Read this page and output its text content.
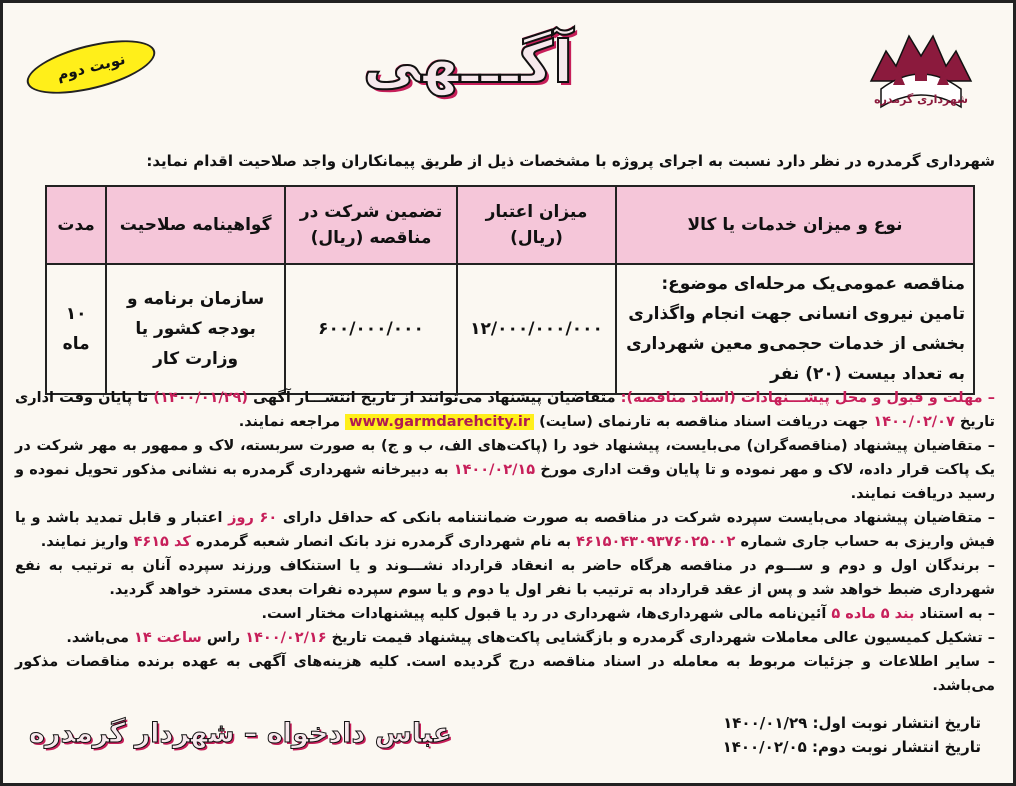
شهرداری گرمدره
آگـــهی
نوبت دوم
شهرداری گرمدره در نظر دارد نسبت به اجرای پروژه با مشخصات ذیل از طریق پیمانکاران واجد صلاحیت اقدام نماید:
نوع و میزان خدمات یا کالا	میزان اعتبار (ریال)	تضمین شرکت در مناقصه (ریال)	گواهینامه صلاحیت	مدت
مناقصه عمومی‌یک مرحله‌ای موضوع: تامین نیروی انسانی جهت انجام واگذاری بخشی از خدمات حجمی‌و معین شهرداری به تعداد بیست (۲۰) نفر	۱۲/۰۰۰/۰۰۰/۰۰۰	۶۰۰/۰۰۰/۰۰۰	سازمان برنامه و بودجه کشور یا وزارت کار	۱۰ ماه

– مهلت و قبول و محل پیشـــنهادات (اسناد مناقصه): متقاضیان پیشنهاد می‌توانند از تاریخ انتشـــار آگهی (۱۴۰۰/۰۱/۲۹) تا پایان وقت اداری تاریخ ۱۴۰۰/۰۲/۰۷ جهت دریافت اسناد مناقصه به تارنمای (سایت) www.garmdarehcity.ir مراجعه نمایند.

– متقاضیان پیشنهاد (مناقصه‌گران) می‌بایست، پیشنهاد خود را (پاکت‌های الف، ب و ج) به صورت سربسته، لاک و ممهور به مهر شرکت در یک پاکت قرار داده، لاک و مهر نموده و تا پایان وقت اداری مورخ ۱۴۰۰/۰۲/۱۵ به دبیرخانه شهرداری گرمدره به نشانی مذکور تحویل نموده و رسید دریافت نمایند.

– متقاضیان پیشنهاد می‌بایست سپرده شرکت در مناقصه به صورت ضمانتنامه بانکی که حداقل دارای ۶۰ روز اعتبار و قابل تمدید باشد و یا فیش واریزی به حساب جاری شماره ۴۶۱۵۰۴۳۰۹۳۷۶۰۲۵۰۰۲ به نام شهرداری گرمدره نزد بانک انصار شعبه گرمدره کد ۴۶۱۵ واریز نمایند.

– برندگان اول و دوم و ســـوم در مناقصه هرگاه حاضر به انعقاد قرارداد نشـــوند و یا استنکاف ورزند سپرده آنان به ترتیب به نفع شهرداری ضبط خواهد شد و پس از عقد قرارداد به ترتیب با نفر اول یا دوم و یا سوم سپرده نفرات بعدی مسترد خواهد گردید.

– به استناد بند ۵ ماده ۵ آئین‌نامه مالی شهرداری‌ها، شهرداری در رد یا قبول کلیه پیشنهادات مختار است.

– تشکیل کمیسیون عالی معاملات شهرداری گرمدره و بازگشایی پاکت‌های پیشنهاد قیمت تاریخ ۱۴۰۰/۰۲/۱۶ راس ساعت ۱۴ می‌باشد.

– سایر اطلاعات و جزئیات مربوط به معامله در اسناد مناقصه درج گردیده است. کلیه هزینه‌های آگهی به عهده برنده مناقصات مذکور می‌باشد.

تاریخ انتشار نوبت اول: ۱۴۰۰/۰۱/۲۹
تاریخ انتشار نوبت دوم: ۱۴۰۰/۰۲/۰۵
عباس دادخواه – شهردار گرمدره
